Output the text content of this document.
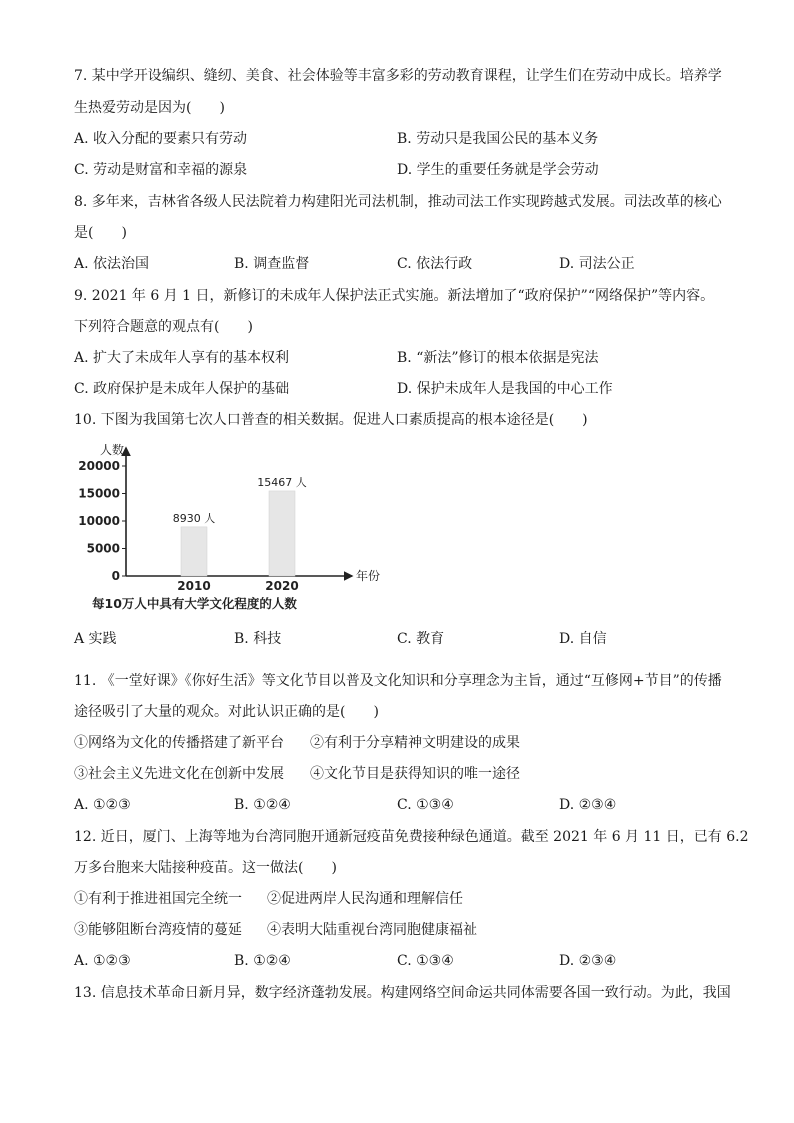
7. 某中学开设编织、缝纫、美食、社会体验等丰富多彩的劳动教育课程，让学生们在劳动中成长。培养学
生热爱劳动是因为(　　)
A. 收入分配的要素只有劳动	B. 劳动只是我国公民的基本义务
C. 劳动是财富和幸福的源泉	D. 学生的重要任务就是学会劳动
8. 多年来，吉林省各级人民法院着力构建阳光司法机制，推动司法工作实现跨越式发展。司法改革的核心
是(　　)
A. 依法治国	B. 调查监督	C. 依法行政	D. 司法公正
9. 2021 年 6 月 1 日，新修订的未成年人保护法正式实施。新法增加了“政府保护”“网络保护”等内容。
下列符合题意的观点有(　　)
A. 扩大了未成年人享有的基本权利	B. “新法”修订的根本依据是宪法
C. 政府保护是未成年人保护的基础	D. 保护未成年人是我国的中心工作
10. 下图为我国第七次人口普查的相关数据。促进人口素质提高的根本途径是(　　)
人数
年份
0
5000
10000
15000
20000
8930 人
2010
15467 人
2020
每10万人中具有大学文化程度的人数
A 实践	B. 科技	C. 教育	D. 自信
11. 《一堂好课》《你好生活》等文化节目以普及文化知识和分享理念为主旨，通过“互修网+节目”的传播
途径吸引了大量的观众。对此认识正确的是(　　)
①网络为文化的传播搭建了新平台 ②有利于分享精神文明建设的成果
③社会主义先进文化在创新中发展 ④文化节目是获得知识的唯一途径
A. ①②③	B. ①②④	C. ①③④	D. ②③④
12. 近日，厦门、上海等地为台湾同胞开通新冠疫苗免费接种绿色通道。截至 2021 年 6 月 11 日，已有 6.2
万多台胞来大陆接种疫苗。这一做法(　　)
①有利于推进祖国完全统一 ②促进两岸人民沟通和理解信任
③能够阻断台湾疫情的蔓延 ④表明大陆重视台湾同胞健康福祉
A. ①②③	B. ①②④	C. ①③④	D. ②③④
13. 信息技术革命日新月异，数字经济蓬勃发展。构建网络空间命运共同体需要各国一致行动。为此，我国
